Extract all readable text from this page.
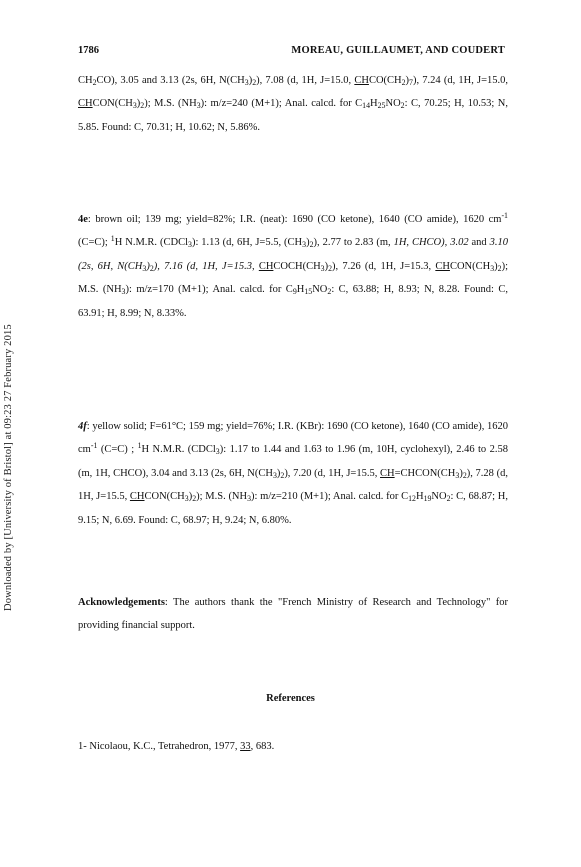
1786	MOREAU, GUILLAUMET, AND COUDERT
Downloaded by [University of Bristol] at 09:23 27 February 2015

$CH_2CO$), 3.05 and 3.13 (2s, 6H, $N(CH_3)_2$), 7.08 (d, 1H, J=15.0, $CHCO(CH_2)_7$), 7.24 (d, 1H, J=15.0, $CHCON(CH_3)_2$); M.S. $(NH_3)$: m/z=240 (M+1); Anal. calcd. for $C_{14}H_{25}NO_2$: C, 70.25; H, 10.53; N, 5.85. Found: C, 70.31; H, 10.62; N, 5.86%.

4e: brown oil; 139 mg; yield=82%; I.R. (neat): 1690 (CO ketone), 1640 (CO amide), 1620 $cm^{-1}$ (C=C); $^1$H N.M.R. (CDCl$_3$): 1.13 (d, 6H, J=5.5, $(CH_3)_2$), 2.77 to 2.83 (m, 1H, CHCO), 3.02 and 3.10 (2s, 6H, $N(CH_3)_2$), 7.16 (d, 1H, J=15.3, $CHCOCH(CH_3)_2$), 7.26 (d, 1H, J=15.3, $CHCON(CH_3)_2$); M.S. $(NH_3)$: m/z=170 (M+1); Anal. calcd. for $C_9H_{15}NO_2$: C, 63.88; H, 8.93; N, 8.28. Found: C, 63.91; H, 8.99; N, 8.33%.

4f: yellow solid; F=61°C; 159 mg; yield=76%; I.R. (KBr): 1690 (CO ketone), 1640 (CO amide), 1620 $cm^{-1}$ (C=C) ; $^1$H N.M.R. (CDCl$_3$): 1.17 to 1.44 and 1.63 to 1.96 (m, 10H, cyclohexyl), 2.46 to 2.58 (m, 1H, CHCO), 3.04 and 3.13 (2s, 6H, $N(CH_3)_2$), 7.20 (d, 1H, J=15.5, $CH=CHCON(CH_3)_2$), 7.28 (d, 1H, J=15.5, $CHCON(CH_3)_2$); M.S. $(NH_3)$: m/z=210 (M+1); Anal. calcd. for $C_{12}H_{19}NO_2$: C, 68.87; H, 9.15; N, 6.69. Found: C, 68.97; H, 9.24; N, 6.80%.

Acknowledgements: The authors thank the "French Ministry of Research and Technology" for providing financial support.

References
1- Nicolaou, K.C., Tetrahedron, 1977, 33, 683.
